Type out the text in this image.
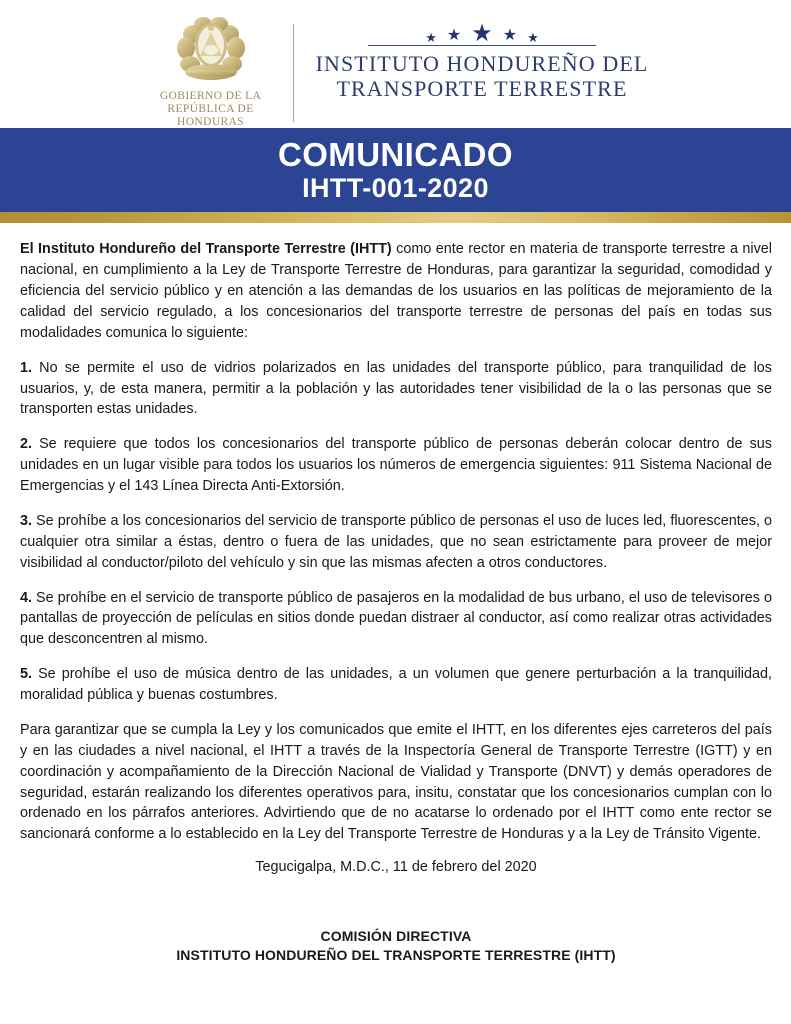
GOBIERNO DE LA
REPÚBLICA DE HONDURAS
★ ★ ★ ★ ★
INSTITUTO HONDUREÑO DEL
TRANSPORTE TERRESTRE
COMUNICADO
IHTT-001-2020

El Instituto Hondureño del Transporte Terrestre (IHTT) como ente rector en materia de transporte terrestre a nivel nacional, en cumplimiento a la Ley de Transporte Terrestre de Honduras, para garantizar la seguridad, comodidad y eficiencia del servicio público y en atención a las demandas de los usuarios en las políticas de mejoramiento de la calidad del servicio regulado, a los concesionarios del transporte terrestre de personas del país en todas sus modalidades comunica lo siguiente:

1. No se permite el uso de vidrios polarizados en las unidades del transporte público, para tranquilidad de los usuarios, y, de esta manera, permitir a la población y las autoridades tener visibilidad de la o las personas que se transporten estas unidades.

2. Se requiere que todos los concesionarios del transporte público de personas deberán colocar dentro de sus unidades en un lugar visible para todos los usuarios los números de emergencia siguientes: 911 Sistema Nacional de Emergencias y el 143 Línea Directa Anti-Extorsión.

3. Se prohíbe a los concesionarios del servicio de transporte público de personas el uso de luces led, fluorescentes, o cualquier otra similar a éstas, dentro o fuera de las unidades, que no sean estrictamente para proveer de mejor visibilidad al conductor/piloto del vehículo y sin que las mismas afecten a otros conductores.

4. Se prohíbe en el servicio de transporte público de pasajeros en la modalidad de bus urbano, el uso de televisores o pantallas de proyección de películas en sitios donde puedan distraer al conductor, así como realizar otras actividades que desconcentren al mismo.

5. Se prohíbe el uso de música dentro de las unidades, a un volumen que genere perturbación a la tranquilidad, moralidad pública y buenas costumbres.

Para garantizar que se cumpla la Ley y los comunicados que emite el IHTT, en los diferentes ejes carreteros del país y en las ciudades a nivel nacional, el IHTT a través de la Inspectoría General de Transporte Terrestre (IGTT) y en coordinación y acompañamiento de la Dirección Nacional de Vialidad y Transporte (DNVT) y demás operadores de seguridad, estarán realizando los diferentes operativos para, insitu, constatar que los concesionarios cumplan con lo ordenado en los párrafos anteriores. Advirtiendo que de no acatarse lo ordenado por el IHTT como ente rector se sancionará conforme a lo establecido en la Ley del Transporte Terrestre de Honduras y a la Ley de Tránsito Vigente.

Tegucigalpa, M.D.C., 11 de febrero del 2020

COMISIÓN DIRECTIVA
INSTITUTO HONDUREÑO DEL TRANSPORTE TERRESTRE (IHTT)
